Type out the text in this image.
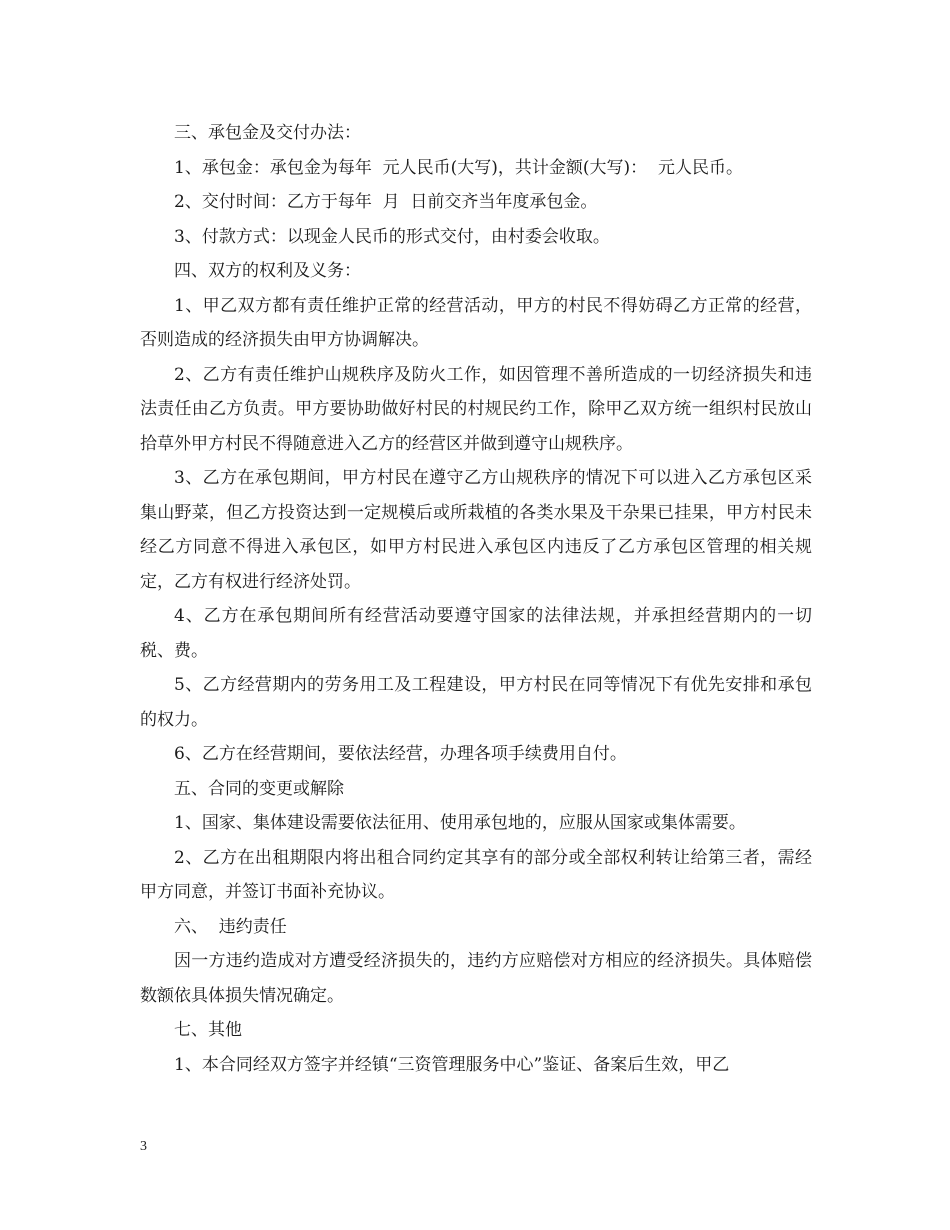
三、承包金及交付办法：

1、承包金：承包金为每年  元人民币(大写)，共计金额(大写)：  元人民币。

2、交付时间：乙方于每年  月  日前交齐当年度承包金。

3、付款方式：以现金人民币的形式交付，由村委会收取。

四、双方的权利及义务：

1、甲乙双方都有责任维护正常的经营活动，甲方的村民不得妨碍乙方正常的经营，否则造成的经济损失由甲方协调解决。

2、乙方有责任维护山规秩序及防火工作，如因管理不善所造成的一切经济损失和违法责任由乙方负责。甲方要协助做好村民的村规民约工作，除甲乙双方统一组织村民放山拾草外甲方村民不得随意进入乙方的经营区并做到遵守山规秩序。

3、乙方在承包期间，甲方村民在遵守乙方山规秩序的情况下可以进入乙方承包区采集山野菜，但乙方投资达到一定规模后或所栽植的各类水果及干杂果已挂果，甲方村民未经乙方同意不得进入承包区，如甲方村民进入承包区内违反了乙方承包区管理的相关规定，乙方有权进行经济处罚。

4、乙方在承包期间所有经营活动要遵守国家的法律法规，并承担经营期内的一切税、费。

5、乙方经营期内的劳务用工及工程建设，甲方村民在同等情况下有优先安排和承包的权力。

6、乙方在经营期间，要依法经营，办理各项手续费用自付。

五、合同的变更或解除

1、国家、集体建设需要依法征用、使用承包地的，应服从国家或集体需要。

2、乙方在出租期限内将出租合同约定其享有的部分或全部权利转让给第三者，需经甲方同意，并签订书面补充协议。

六、  违约责任

因一方违约造成对方遭受经济损失的，违约方应赔偿对方相应的经济损失。具体赔偿数额依具体损失情况确定。

七、其他

1、本合同经双方签字并经镇“三资管理服务中心”鉴证、备案后生效，甲乙

3
